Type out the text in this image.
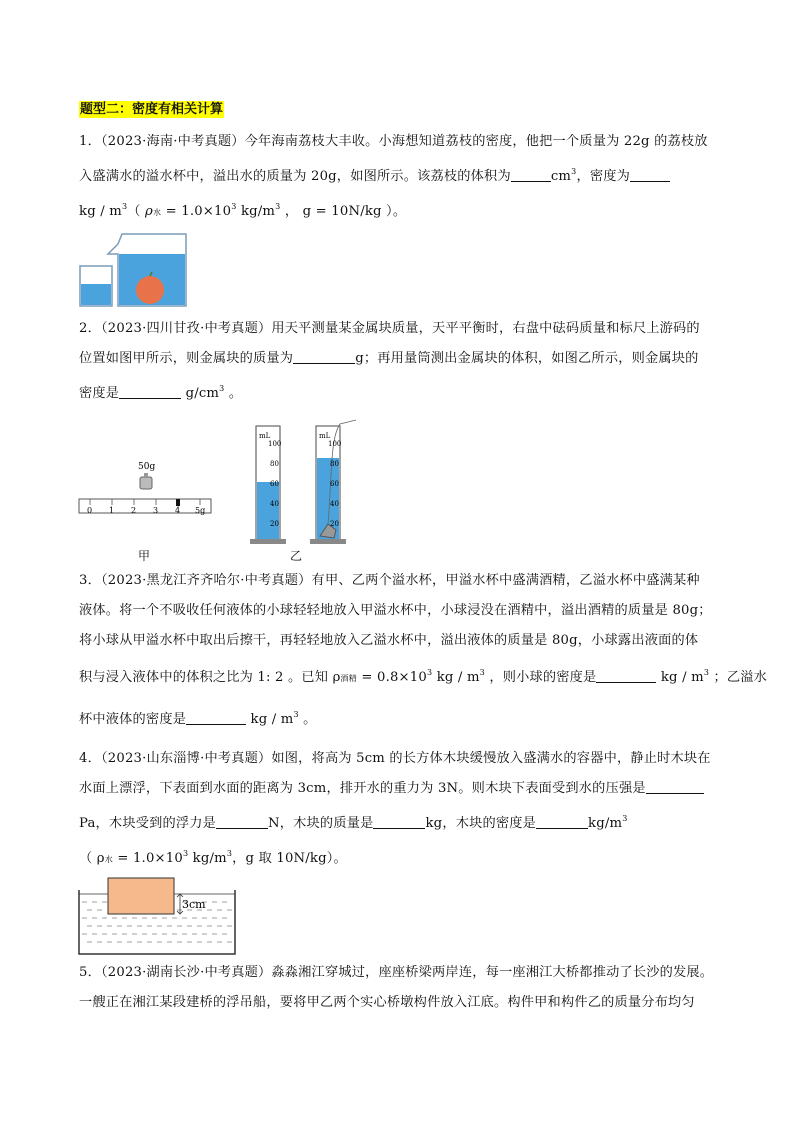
题型二：密度有相关计算
1．（2023·海南·中考真题）今年海南荔枝大丰收。小海想知道荔枝的密度，他把一个质量为 22g 的荔枝放
入盛满水的溢水杯中，溢出水的质量为 20g，如图所示。该荔枝的体积为	$cm^3$，密度为
kg / $m^3$（ ρ水 = $1.0\times 10^3$ $kg/m^3$ ， g = 10N/kg ）。
2．（2023·四川甘孜·中考真题）用天平测量某金属块质量，天平平衡时，右盘中砝码质量和标尺上游码的
位置如图甲所示，则金属块的质量为	g；再用量筒测出金属块的体积，如图乙所示，则金属块的
密度是	$g/cm^3$ 。
50g
0 1 2 3 4 5g
甲
mL
100
80
60
40
20
mL
100
80
60
40
20
乙
3．（2023·黑龙江齐齐哈尔·中考真题）有甲、乙两个溢水杯，甲溢水杯中盛满酒精，乙溢水杯中盛满某种
液体。将一个不吸收任何液体的小球轻轻地放入甲溢水杯中，小球浸没在酒精中，溢出酒精的质量是 80g；
将小球从甲溢水杯中取出后擦干，再轻轻地放入乙溢水杯中，溢出液体的质量是 80g，小球露出液面的体
积与浸入液体中的体积之比为 1: 2 。已知 ρ酒精 = $0.8\times 10^3$ kg / $m^3$ ，则小球的密度是	kg / $m^3$ ；乙溢水
杯中液体的密度是	kg / $m^3$ 。
4．（2023·山东淄博·中考真题）如图，将高为 5cm 的长方体木块缓慢放入盛满水的容器中，静止时木块在
水面上漂浮，下表面到水面的距离为 3cm，排开水的重力为 3N。则木块下表面受到水的压强是
Pa，木块受到的浮力是	N，木块的质量是	kg，木块的密度是	$kg/m^3$
（ ρ水 = $1.0\times 10^3$ $kg/m^3$，g 取 10N/kg）。
3cm
5．（2023·湖南长沙·中考真题）淼淼湘江穿城过，座座桥梁两岸连，每一座湘江大桥都推动了长沙的发展。
一艘正在湘江某段建桥的浮吊船，要将甲乙两个实心桥墩构件放入江底。构件甲和构件乙的质量分布均匀
